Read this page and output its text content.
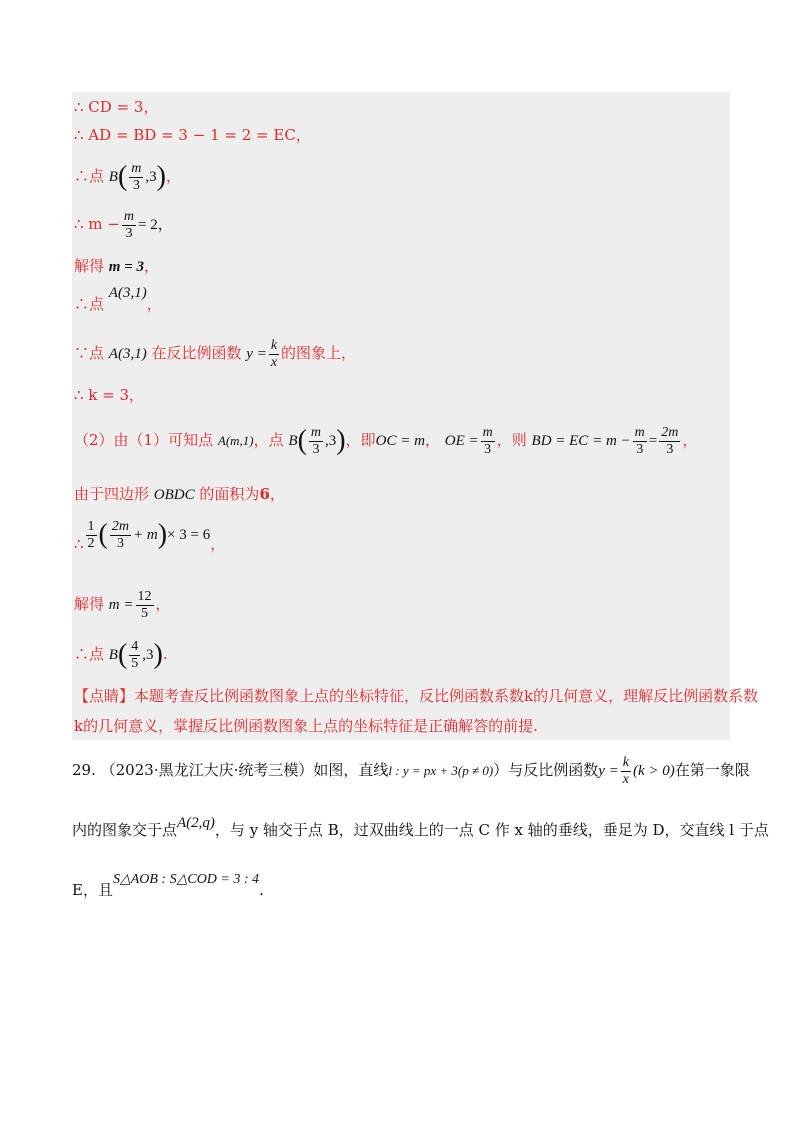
∴ CD = 3，
∴ AD = BD = 3 − 1 = 2 = EC，
∴点 $B( \frac{m}{3} ,3)$，
∴ $m - \frac{m}{3} = 2$，
解得 m = 3，
∴点 A(3,1)，
∵点 A(3,1) 在反比例函数 $y = \frac{k}{x}$ 的图象上，
∴ k = 3，
（2）由（1）可知点 A(m,1)，点 $B( \frac{m}{3} ,3)$，即OC = m， OE = $\frac{m}{3}$ ，则 BD = EC = $m - \frac{m}{3} = \frac{2m}{3}$ ，
由于四边形 OBDC 的面积为6，
∴ $\frac{1}{2}$ ( $\frac{2m}{3} + m)\times 3 = 6$，
解得 $m = \frac{12}{5}$ ，
∴点 $B( \frac{4}{5} ,3)$.
【点睛】本题考查反比例函数图象上点的坐标特征，反比例函数系数k的几何意义，理解反比例函数系数
k的几何意义，掌握反比例函数图象上点的坐标特征是正确解答的前提.
29. （2023·黑龙江大庆·统考三模）如图，直线l : y = px + 3(p ≠ 0)）与反比例函数$y = \frac{k}{x} (k > 0)$在第一象限
内的图象交于点A(2,q)，与 y 轴交于点 B，过双曲线上的一点 C 作 x 轴的垂线，垂足为 D，交直线 l 于点
E，且S△AOB : S△COD = 3 : 4.
